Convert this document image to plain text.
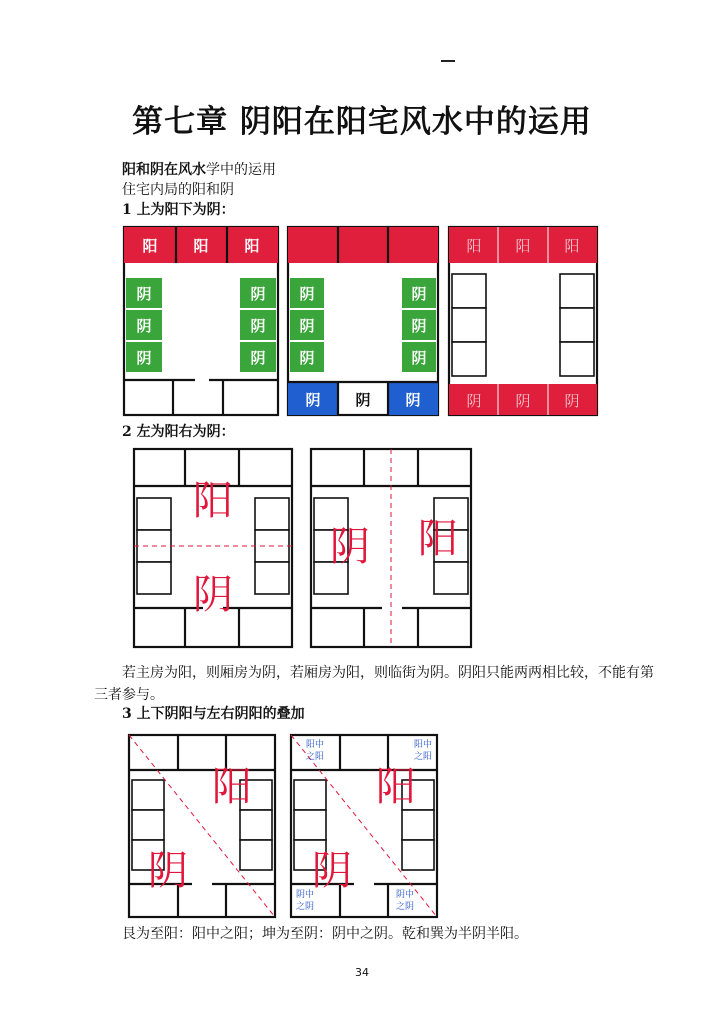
第七章 阴阳在阳宅风水中的运用
阳和阴在风水学中的运用
住宅内局的阳和阴
1 上为阳下为阴：
阳 阳 阳
阴
阴
阴
阴
阴
阴
阴
阴
阴
阴
阴
阴
阴 阴 阴
阳 阳 阳
阴 阴 阴
2 左为阳右为阴：
阳
阴
阴 阳
若主房为阳，则厢房为阴，若厢房为阳，则临街为阴。阴阳只能两两相比较，不能有第三者参与。
3 上下阴阳与左右阴阳的叠加
阳
阴
阳中
之阳
阳中
之阳
阴中
之阴
阴中
之阴
阳
阴
艮为至阳：阳中之阳；坤为至阴：阴中之阴。乾和巽为半阴半阳。
34
